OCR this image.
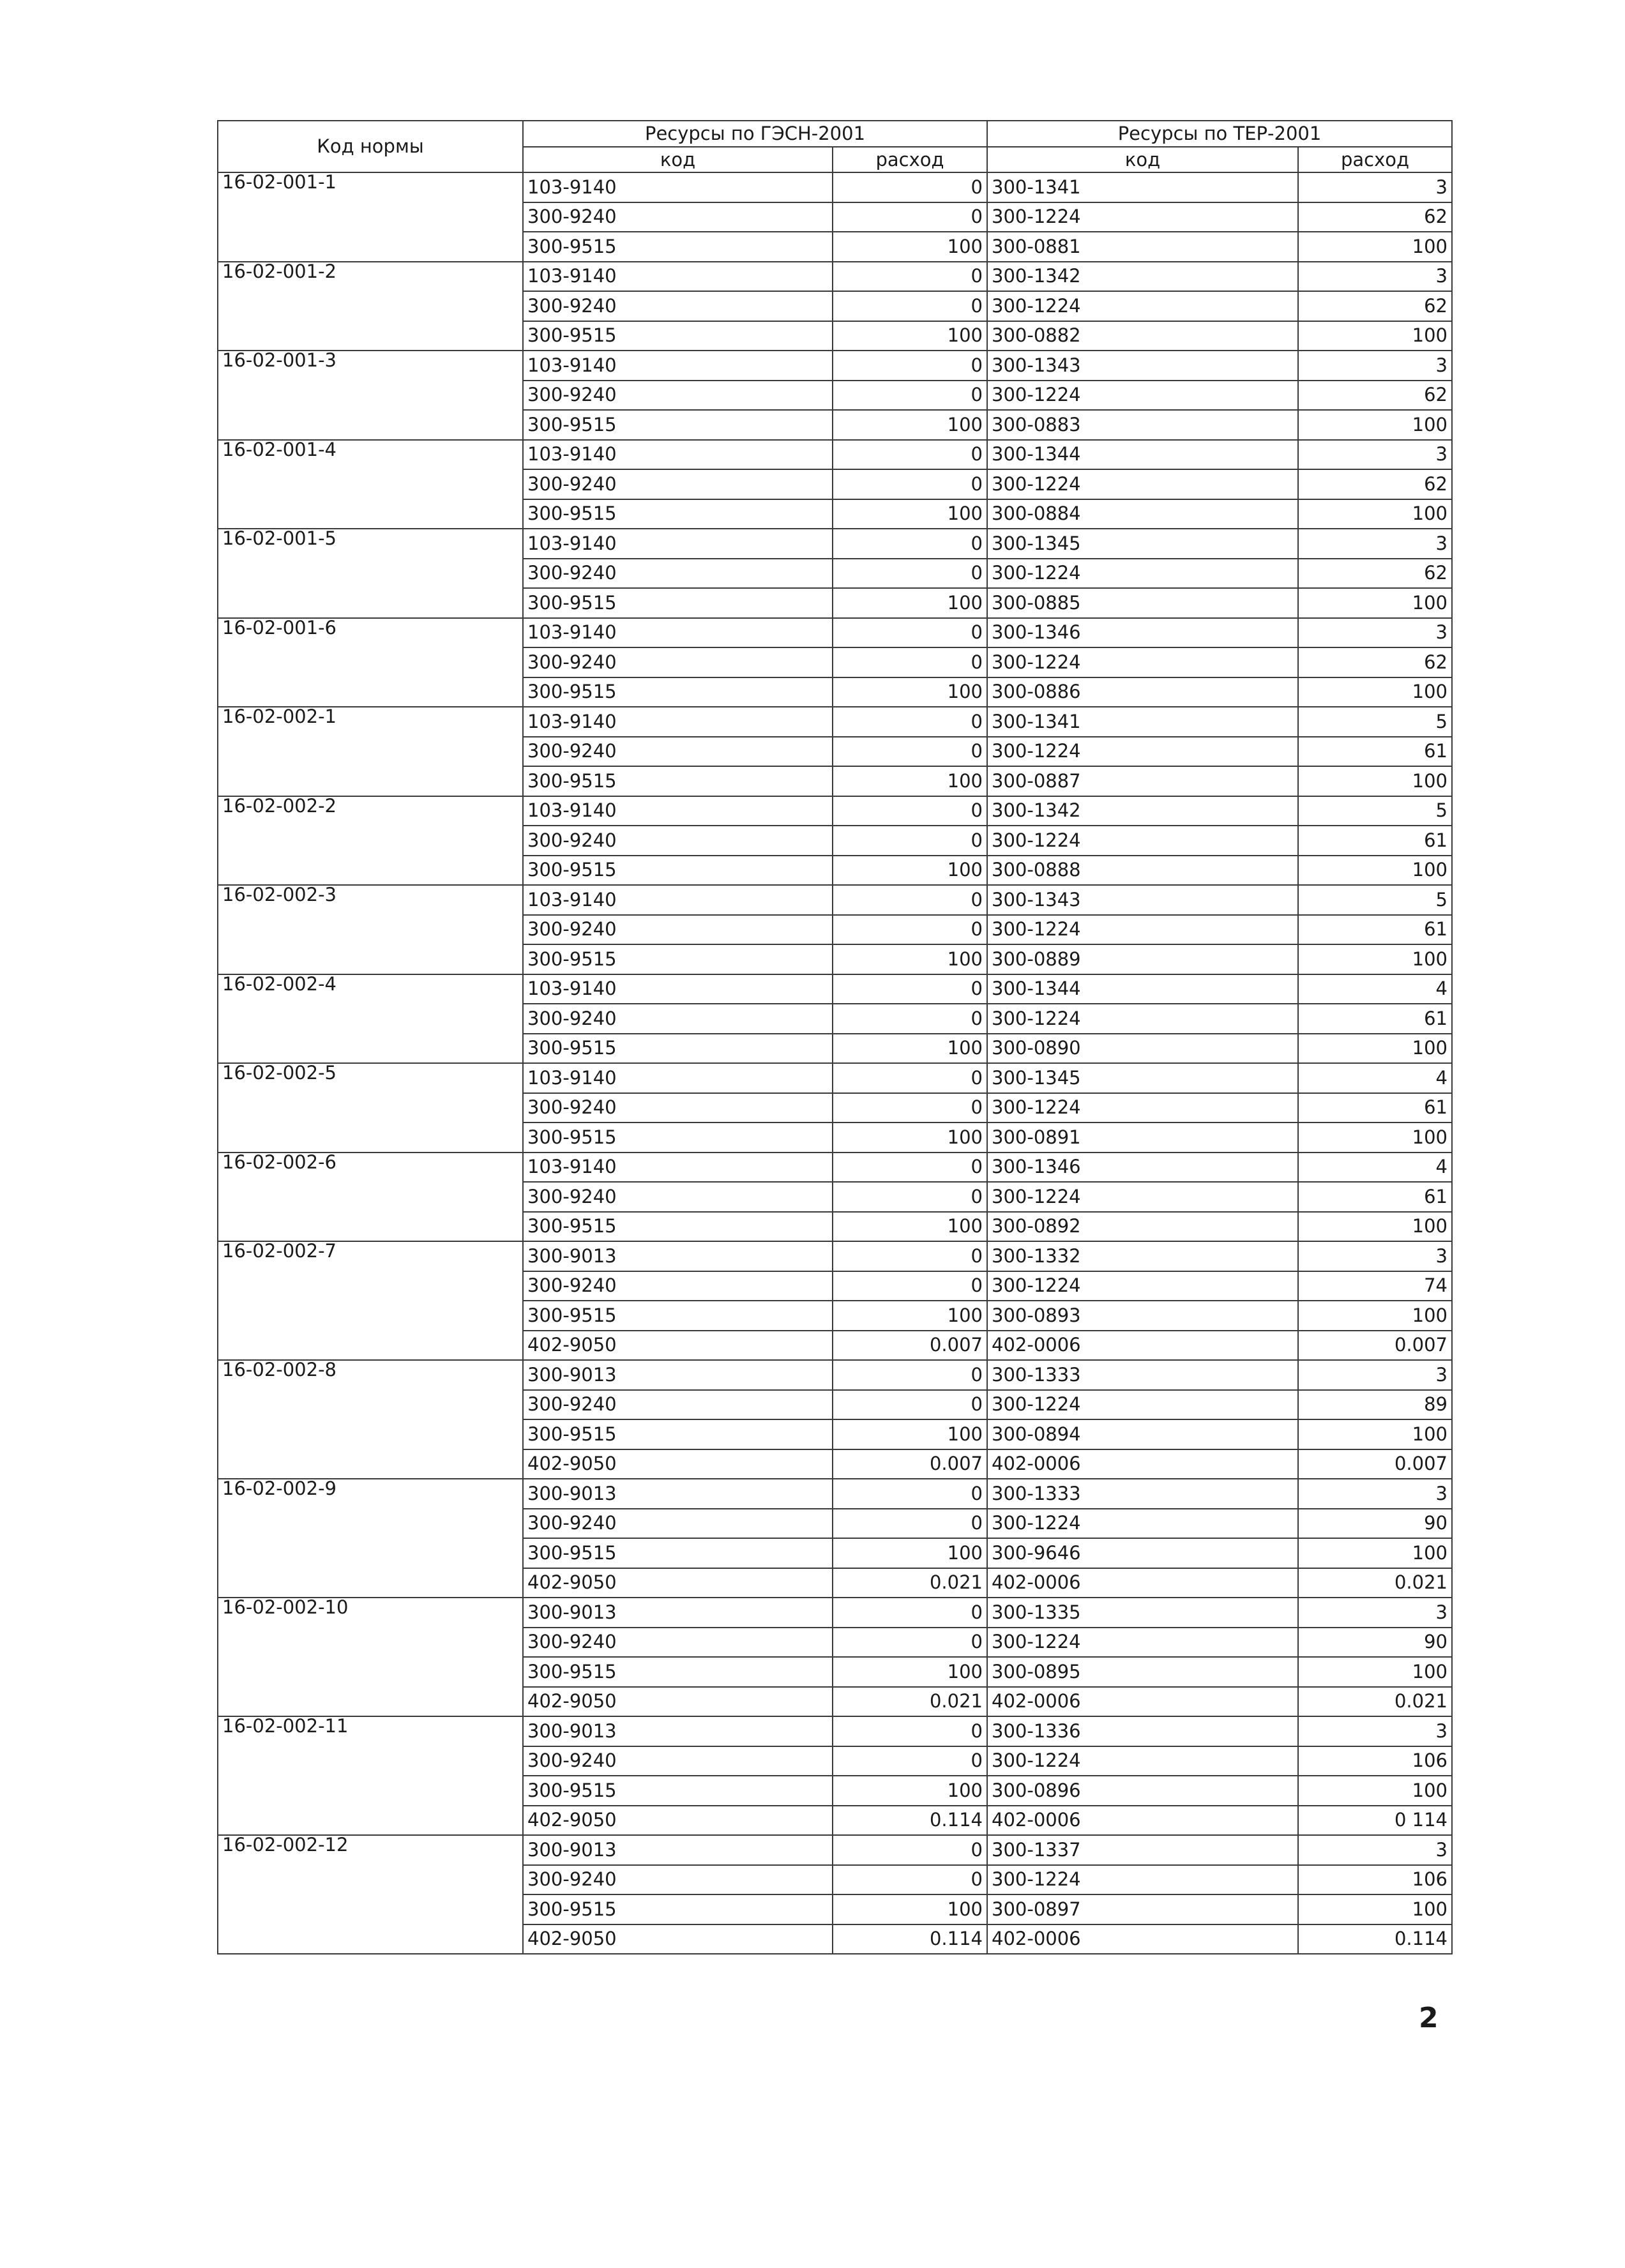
Код нормы	Ресурсы по ГЭСН-2001		Ресурсы по ТЕР-2001	
	код	расход	код	расход
16-02-001-1	103-9140	0	300-1341	3
	300-9240	0	300-1224	62
	300-9515	100	300-0881	100
16-02-001-2	103-9140	0	300-1342	3
	300-9240	0	300-1224	62
	300-9515	100	300-0882	100
16-02-001-3	103-9140	0	300-1343	3
	300-9240	0	300-1224	62
	300-9515	100	300-0883	100
16-02-001-4	103-9140	0	300-1344	3
	300-9240	0	300-1224	62
	300-9515	100	300-0884	100
16-02-001-5	103-9140	0	300-1345	3
	300-9240	0	300-1224	62
	300-9515	100	300-0885	100
16-02-001-6	103-9140	0	300-1346	3
	300-9240	0	300-1224	62
	300-9515	100	300-0886	100
16-02-002-1	103-9140	0	300-1341	5
	300-9240	0	300-1224	61
	300-9515	100	300-0887	100
16-02-002-2	103-9140	0	300-1342	5
	300-9240	0	300-1224	61
	300-9515	100	300-0888	100
16-02-002-3	103-9140	0	300-1343	5
	300-9240	0	300-1224	61
	300-9515	100	300-0889	100
16-02-002-4	103-9140	0	300-1344	4
	300-9240	0	300-1224	61
	300-9515	100	300-0890	100
16-02-002-5	103-9140	0	300-1345	4
	300-9240	0	300-1224	61
	300-9515	100	300-0891	100
16-02-002-6	103-9140	0	300-1346	4
	300-9240	0	300-1224	61
	300-9515	100	300-0892	100
16-02-002-7	300-9013	0	300-1332	3
	300-9240	0	300-1224	74
	300-9515	100	300-0893	100
	402-9050	0.007	402-0006	0.007
16-02-002-8	300-9013	0	300-1333	3
	300-9240	0	300-1224	89
	300-9515	100	300-0894	100
	402-9050	0.007	402-0006	0.007
16-02-002-9	300-9013	0	300-1333	3
	300-9240	0	300-1224	90
	300-9515	100	300-9646	100
	402-9050	0.021	402-0006	0.021
16-02-002-10	300-9013	0	300-1335	3
	300-9240	0	300-1224	90
	300-9515	100	300-0895	100
	402-9050	0.021	402-0006	0.021
16-02-002-11	300-9013	0	300-1336	3
	300-9240	0	300-1224	106
	300-9515	100	300-0896	100
	402-9050	0.114	402-0006	0 114
16-02-002-12	300-9013	0	300-1337	3
	300-9240	0	300-1224	106
	300-9515	100	300-0897	100
	402-9050	0.114	402-0006	0.114
2
